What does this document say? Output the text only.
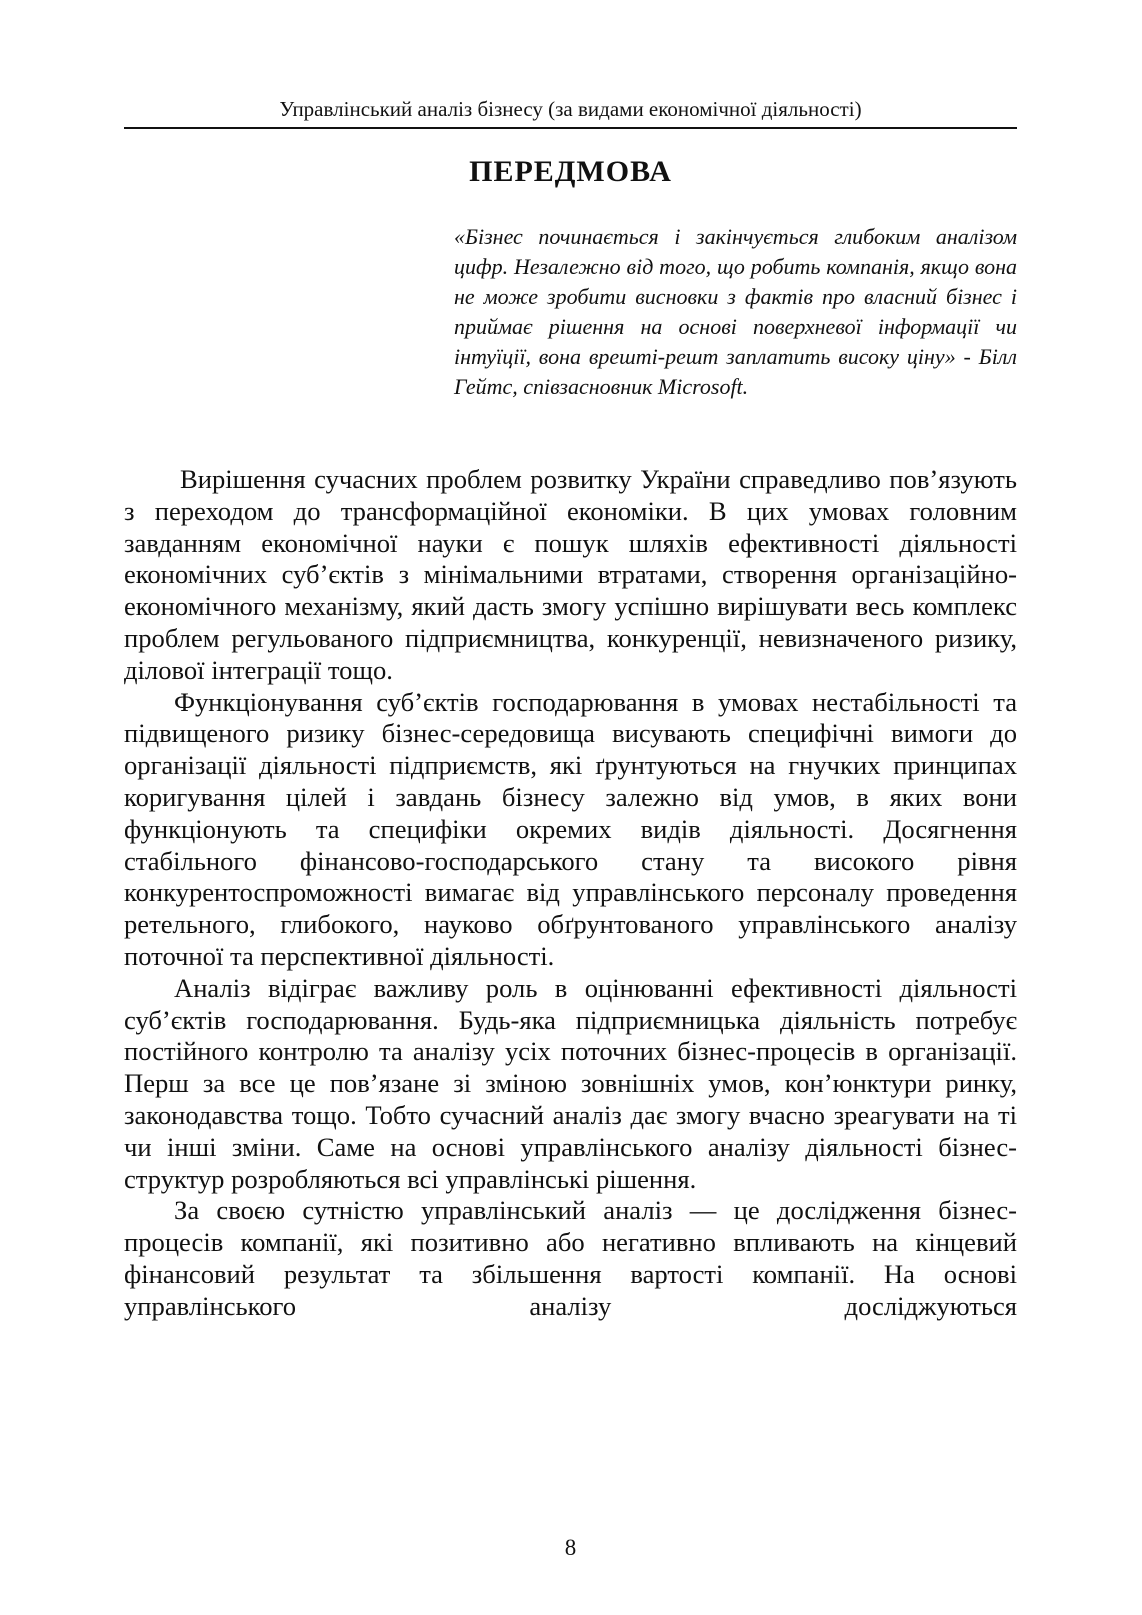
Управлінський аналіз бізнесу (за видами економічної діяльності)
ПЕРЕДМОВА
«Бізнес починається і закінчується глибоким аналізом цифр. Незалежно від того, що робить компанія, якщо вона не може зробити висновки з фактів про власний бізнес і приймає рішення на основі поверхневої інформації чи інтуїції, вона врешті-решт заплатить високу ціну» - Білл Гейтс, співзасновник Microsoft.

Вирішення сучасних проблем розвитку України справедливо пов’язують з переходом до трансформаційної економіки. В цих умовах головним завданням економічної науки є пошук шляхів ефективності діяльності економічних суб’єктів з мінімальними втратами, створення організаційно-економічного механізму, який дасть змогу успішно вирішувати весь комплекс проблем регульованого підприємництва, конкуренції, невизначеного ризику, ділової інтеграції тощо.

Функціонування суб’єктів господарювання в умовах нестабільності та підвищеного ризику бізнес-середовища висувають специфічні вимоги до організації діяльності підприємств, які ґрунтуються на гнучких принципах коригування цілей і завдань бізнесу залежно від умов, в яких вони функціонують та специфіки окремих видів діяльності. Досягнення стабільного фінансово-господарського стану та високого рівня конкурентоспроможності вимагає від управлінського персоналу проведення ретельного, глибокого, науково обґрунтованого управлінського аналізу поточної та перспективної діяльності.

Аналіз відіграє важливу роль в оцінюванні ефективності діяльності суб’єктів господарювання. Будь-яка підприємницька діяльність потребує постійного контролю та аналізу усіх поточних бізнес-процесів в організації. Перш за все це пов’язане зі зміною зовнішніх умов, кон’юнктури ринку, законодавства тощо. Тобто сучасний аналіз дає змогу вчасно зреагувати на ті чи інші зміни. Саме на основі управлінського аналізу діяльності бізнес-структур розробляються всі управлінські рішення.

За своєю сутністю управлінський аналіз — це дослідження бізнес-процесів компанії, які позитивно або негативно впливають на кінцевий фінансовий результат та збільшення вартості компанії. На основі управлінського аналізу досліджуються

8
